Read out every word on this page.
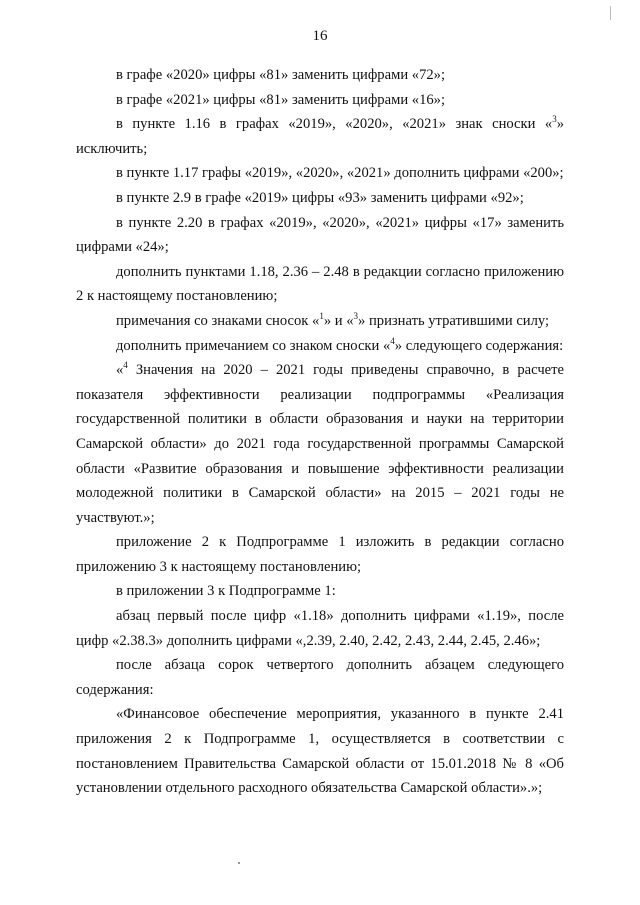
16

в графе «2020» цифры «81» заменить цифрами «72»;

в графе «2021» цифры «81» заменить цифрами «16»;

в пункте 1.16 в графах «2019», «2020», «2021» знак сноски «$^3$» исключить;

в пункте 1.17 графы «2019», «2020», «2021» дополнить цифрами «200»;

в пункте 2.9 в графе «2019» цифры «93» заменить цифрами «92»;

в пункте 2.20 в графах «2019», «2020», «2021» цифры «17» заменить цифрами «24»;

дополнить пунктами 1.18, 2.36 – 2.48 в редакции согласно приложению 2 к настоящему постановлению;

примечания со знаками сносок «$^1$» и «$^3$» признать утратившими силу;

дополнить примечанием со знаком сноски «$^4$» следующего содержания:

«$^4$ Значения на 2020 – 2021 годы приведены справочно, в расчете показателя эффективности реализации подпрограммы «Реализация государственной политики в области образования и науки на территории Самарской области» до 2021 года государственной программы Самарской области «Развитие образования и повышение эффективности реализации молодежной политики в Самарской области» на 2015 – 2021 годы не участвуют.»;

приложение 2 к Подпрограмме 1 изложить в редакции согласно приложению 3 к настоящему постановлению;

в приложении 3 к Подпрограмме 1:

абзац первый после цифр «1.18» дополнить цифрами «1.19», после цифр «2.38.3» дополнить цифрами «,2.39, 2.40, 2.42, 2.43, 2.44, 2.45, 2.46»;

после абзаца сорок четвертого дополнить абзацем следующего содержания:

«Финансовое обеспечение мероприятия, указанного в пункте 2.41 приложения 2 к Подпрограмме 1, осуществляется в соответствии с постановлением Правительства Самарской области от 15.01.2018 № 8 «Об установлении отдельного расходного обязательства Самарской области».»;
